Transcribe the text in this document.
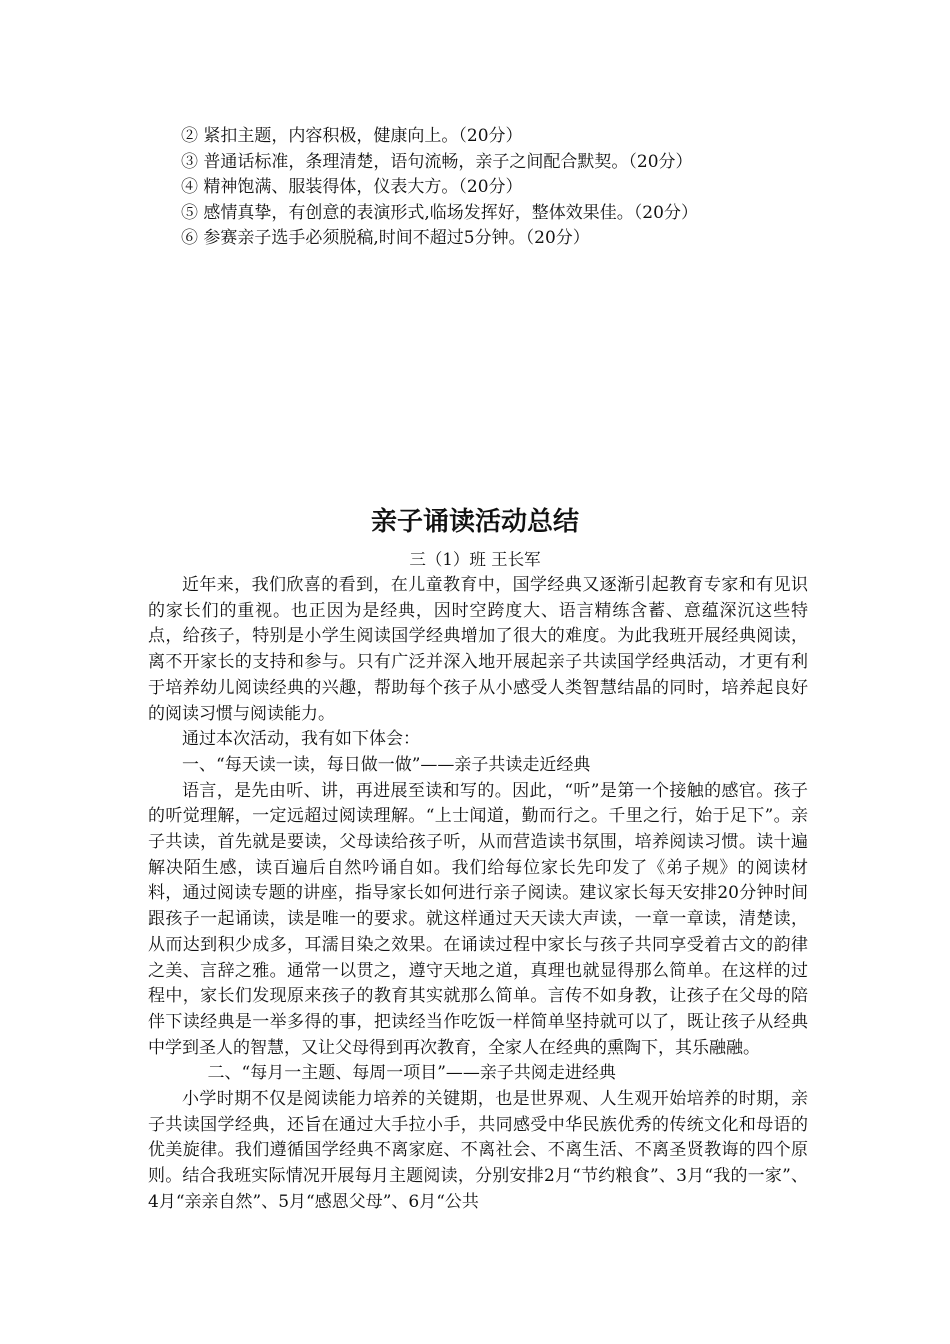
② 紧扣主题，内容积极，健康向上。（20分）
③ 普通话标准，条理清楚，语句流畅，亲子之间配合默契。（20分）
④ 精神饱满、服装得体，仪表大方。（20分）
⑤ 感情真挚，有创意的表演形式,临场发挥好，整体效果佳。（20分）
⑥ 参赛亲子选手必须脱稿,时间不超过5分钟。（20分）
亲子诵读活动总结
三（1）班 王长军

近年来，我们欣喜的看到，在儿童教育中，国学经典又逐渐引起教育专家和有见识的家长们的重视。也正因为是经典，因时空跨度大、语言精练含蓄、意蕴深沉这些特点，给孩子，特别是小学生阅读国学经典增加了很大的难度。为此我班开展经典阅读，离不开家长的支持和参与。只有广泛并深入地开展起亲子共读国学经典活动，才更有利于培养幼儿阅读经典的兴趣，帮助每个孩子从小感受人类智慧结晶的同时，培养起良好的阅读习惯与阅读能力。

通过本次活动，我有如下体会：

一、“每天读一读，每日做一做”——亲子共读走近经典

语言，是先由听、讲，再进展至读和写的。因此，“听”是第一个接触的感官。孩子的听觉理解，一定远超过阅读理解。“上士闻道，勤而行之。千里之行，始于足下”。亲子共读，首先就是要读，父母读给孩子听，从而营造读书氛围，培养阅读习惯。读十遍解决陌生感，读百遍后自然吟诵自如。我们给每位家长先印发了《弟子规》的阅读材料，通过阅读专题的讲座，指导家长如何进行亲子阅读。建议家长每天安排20分钟时间跟孩子一起诵读，读是唯一的要求。就这样通过天天读大声读，一章一章读，清楚读，从而达到积少成多，耳濡目染之效果。在诵读过程中家长与孩子共同享受着古文的韵律之美、言辞之雅。通常一以贯之，遵守天地之道，真理也就显得那么简单。在这样的过程中，家长们发现原来孩子的教育其实就那么简单。言传不如身教，让孩子在父母的陪伴下读经典是一举多得的事，把读经当作吃饭一样简单坚持就可以了，既让孩子从经典中学到圣人的智慧，又让父母得到再次教育，全家人在经典的熏陶下，其乐融融。

二、“每月一主题、每周一项目”——亲子共阅走进经典

小学时期不仅是阅读能力培养的关键期，也是世界观、人生观开始培养的时期，亲子共读国学经典，还旨在通过大手拉小手，共同感受中华民族优秀的传统文化和母语的优美旋律。我们遵循国学经典不离家庭、不离社会、不离生活、不离圣贤教诲的四个原则。结合我班实际情况开展每月主题阅读，分别安排2月“节约粮食”、3月“我的一家”、4月“亲亲自然”、5月“感恩父母”、6月“公共
